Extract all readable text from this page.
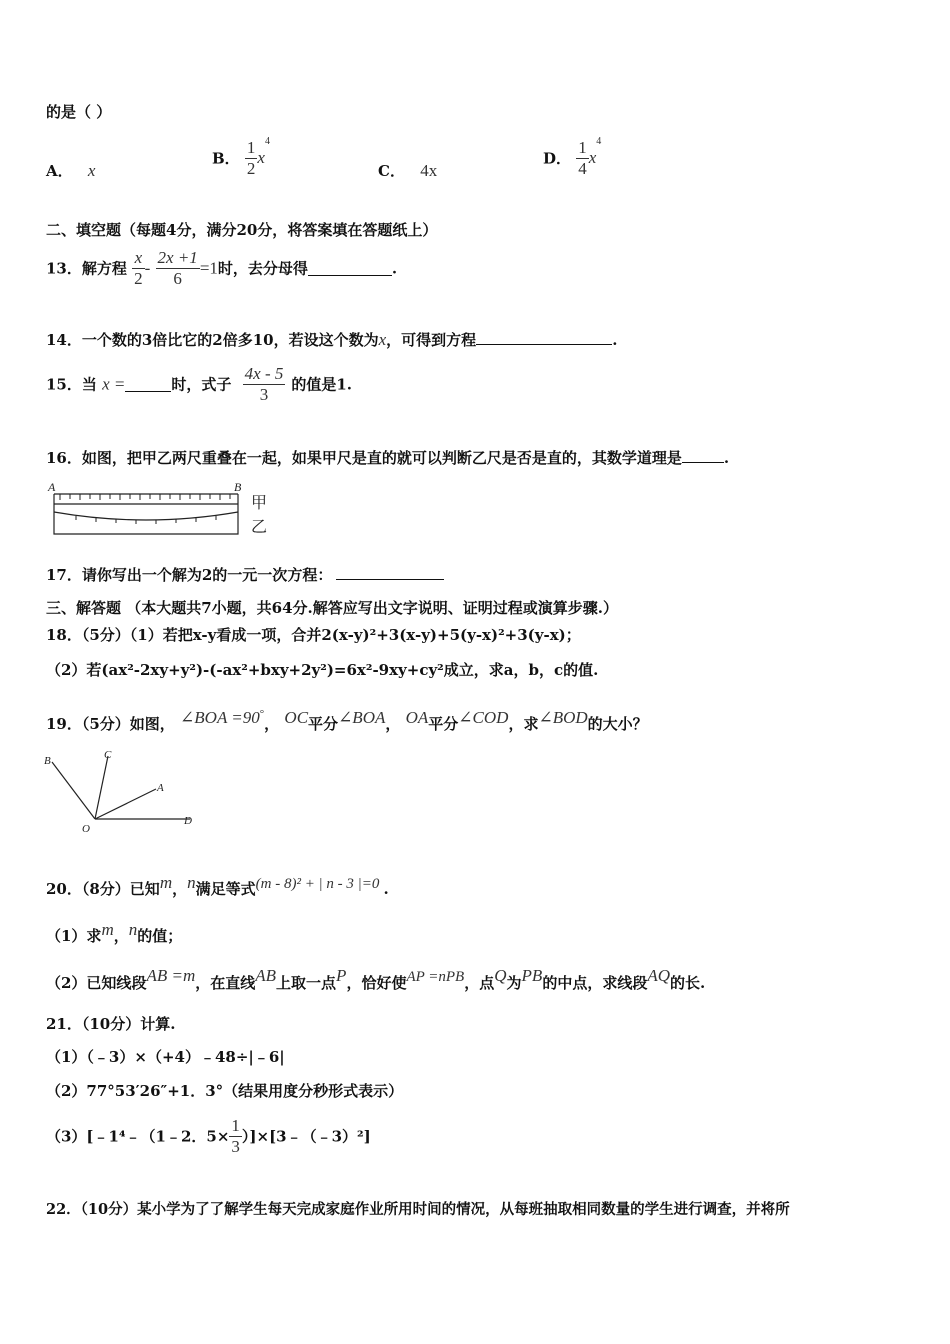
的是（ ）
A． x
B． $\frac{1}{2} x^4$
C． 4x
D． $\frac{1}{4} x^4$
二、填空题（每题4分，满分20分，将答案填在答题纸上）
13．解方程 $\frac{x}{2} - \frac{2x +1}{6} =1$时，去分母得	.
14．一个数的3倍比它的2倍多10，若设这个数为x，可得到方程	.
15．当 x =	时，式子 $\frac{4x - 5}{3}$ 的值是1.
16．如图，把甲乙两尺重叠在一起，如果甲尺是直的就可以判断乙尺是否是直的，其数学道理是	.
A	B
甲
乙
17．请你写出一个解为2的一元一次方程：
三、解答题 （本大题共7小题，共64分.解答应写出文字说明、证明过程或演算步骤.）
18．（5分）（1）若把x-y看成一项，合并2(x-y)²+3(x-y)+5(y-x)²+3(y-x)；
（2）若(ax²-2xy+y²)-(-ax²+bxy+2y²)=6x²-9xy+cy²成立，求a，b，c的值.
19．（5分）如图， ∠BOA =90°， OC平分∠BOA， OA平分∠COD，求∠BOD的大小？
B	C
A
O
D
20．（8分）已知m，n满足等式(m - 8)² + | n - 3 |=0 .
（1）求m，n的值；
（2）已知线段AB =m，在直线AB上取一点P，恰好使AP =nPB，点Q为PB的中点，求线段AQ的长.
21．（10分）计算.
（1）（﹣3）×（+4）﹣48÷|﹣6|
（2）77°53′26″+1．3°（结果用度分秒形式表示）
（3）[﹣1⁴﹣（1﹣2．$5\times \frac{1}{3}$ ）]×[3﹣（﹣3）²]
22．（10分）某小学为了了解学生每天完成家庭作业所用时间的情况，从每班抽取相同数量的学生进行调查，并将所
